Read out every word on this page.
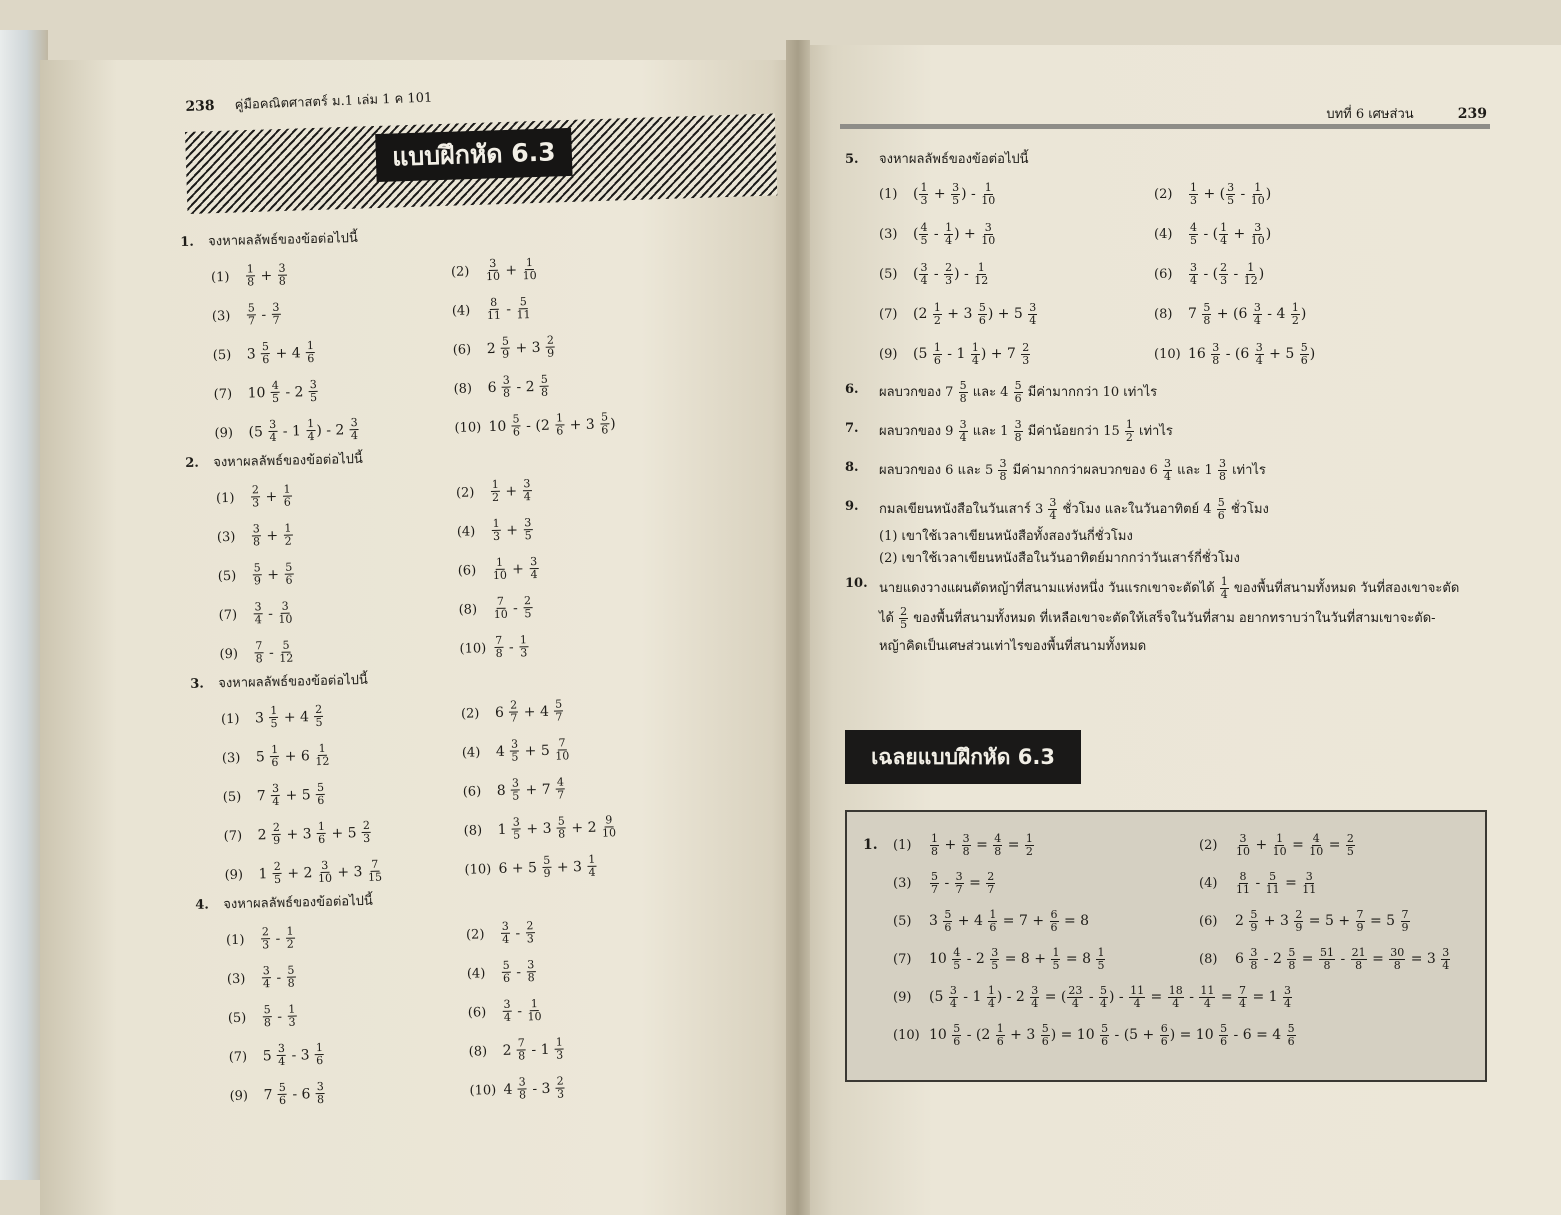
238 คู่มือคณิตศาสตร์ ม.1 เล่ม 1 ค 101
บทที่ 6 เศษส่วน	239
แบบฝึกหัด 6.3
1. จงหาผลลัพธ์ของข้อต่อไปนี้
$(1) \frac{1}{8} + \frac{3}{8}$	$(2) \frac{3}{10} + \frac{1}{10}$
$(3) \frac{5}{7} - \frac{3}{7}$	$(4) \frac{8}{11} - \frac{5}{11}$
(5) $3 \frac{5}{6} + 4 \frac{1}{6}$	(6) $2 \frac{5}{9} + 3 \frac{2}{9}$
(7) $10 \frac{4}{5} - 2 \frac{3}{5}$	(8) $6 \frac{3}{8} - 2 \frac{5}{8}$
(9) ($5 \frac{3}{4} - 1 \frac{1}{4}$ ) - $2 \frac{3}{4}$	(10) $10 \frac{5}{6} - (2 \frac{1}{6} + 3 \frac{5}{6}$ )
2. จงหาผลลัพธ์ของข้อต่อไปนี้
$(1) \frac{2}{3} + \frac{1}{6}$	$(2) \frac{1}{2} + \frac{3}{4}$
$(3) \frac{3}{8} + \frac{1}{2}$	$(4) \frac{1}{3} + \frac{3}{5}$
$(5) \frac{5}{9} + \frac{5}{6}$	$(6) \frac{1}{10} + \frac{3}{4}$
$(7) \frac{3}{4} - \frac{3}{10}$	$(8) \frac{7}{10} - \frac{2}{5}$
$(9) \frac{7}{8} - \frac{5}{12}$	$(10) \frac{7}{8} - \frac{1}{3}$
3. จงหาผลลัพธ์ของข้อต่อไปนี้
(1) $3 \frac{1}{5} + 4 \frac{2}{5}$	(2) $6 \frac{2}{7} + 4 \frac{5}{7}$
(3) $5 \frac{1}{6} + 6 \frac{1}{12}$	(4) $4 \frac{3}{5} + 5 \frac{7}{10}$
(5) $7 \frac{3}{4} + 5 \frac{5}{6}$	(6) $8 \frac{3}{5} + 7 \frac{4}{7}$
(7) $2 \frac{2}{9} + 3 \frac{1}{6} + 5 \frac{2}{3}$	(8) $1 \frac{3}{5} + 3 \frac{5}{8} + 2 \frac{9}{10}$
(9) $1 \frac{2}{5} + 2 \frac{3}{10} + 3 \frac{7}{15}$	(10) $6 + 5 \frac{5}{9} + 3 \frac{1}{4}$
4. จงหาผลลัพธ์ของข้อต่อไปนี้
$(1) \frac{2}{3} - \frac{1}{2}$	$(2) \frac{3}{4} - \frac{2}{3}$
$(3) \frac{3}{4} - \frac{5}{8}$	$(4) \frac{5}{6} - \frac{3}{8}$
$(5) \frac{5}{8} - \frac{1}{3}$	$(6) \frac{3}{4} - \frac{1}{10}$
(7) $5 \frac{3}{4} - 3 \frac{1}{6}$	(8) $2 \frac{7}{8} - 1 \frac{1}{3}$
(9) $7 \frac{5}{6} - 6 \frac{3}{8}$	(10) $4 \frac{3}{8} - 3 \frac{2}{3}$
5.	จงหาผลลัพธ์ของข้อต่อไปนี้
(1) ( $\frac{1}{3} + \frac{3}{5}$ ) - $\frac{1}{10}$	$(2) \frac{1}{3}$ + ( $\frac{3}{5} - \frac{1}{10}$ )
(3) ( $\frac{4}{5} - \frac{1}{4}$ ) + $\frac{3}{10}$	$(4) \frac{4}{5}$ - ( $\frac{1}{4} + \frac{3}{10}$ )
(5) ( $\frac{3}{4} - \frac{2}{3}$ ) - $\frac{1}{12}$	$(6) \frac{3}{4}$ - ( $\frac{2}{3} - \frac{1}{12}$ )
(7) ($2 \frac{1}{2} + 3 \frac{5}{6}$ ) + $5 \frac{3}{4}$	(8) $7 \frac{5}{8} + (6 \frac{3}{4} - 4 \frac{1}{2}$ )
(9) ($5 \frac{1}{6} - 1 \frac{1}{4}$ ) + $7 \frac{2}{3}$	(10) $16 \frac{3}{8} - (6 \frac{3}{4} + 5 \frac{5}{6}$ )
6.	ผลบวกของ $7 \frac{5}{8}$ และ $4 \frac{5}{6}$ มีค่ามากกว่า 10 เท่าไร
7.	ผลบวกของ $9 \frac{3}{4}$ และ $1 \frac{3}{8}$ มีค่าน้อยกว่า $15 \frac{1}{2}$ เท่าไร
8.	ผลบวกของ 6 และ $5 \frac{3}{8}$ มีค่ามากกว่าผลบวกของ $6 \frac{3}{4}$ และ $1 \frac{3}{8}$ เท่าไร
9.	กมลเขียนหนังสือในวันเสาร์ $3 \frac{3}{4}$ ชั่วโมง และในวันอาทิตย์ $4 \frac{5}{6}$ ชั่วโมง
(1) เขาใช้เวลาเขียนหนังสือทั้งสองวันกี่ชั่วโมง
(2) เขาใช้เวลาเขียนหนังสือในวันอาทิตย์มากกว่าวันเสาร์กี่ชั่วโมง
10. นายแดงวางแผนตัดหญ้าที่สนามแห่งหนึ่ง วันแรกเขาจะตัดได้ $\frac{1}{4}$ ของพื้นที่สนามทั้งหมด วันที่สองเขาจะตัด
ได้ $\frac{2}{5}$ ของพื้นที่สนามทั้งหมด ที่เหลือเขาจะตัดให้เสร็จในวันที่สาม อยากทราบว่าในวันที่สามเขาจะตัด-
หญ้าคิดเป็นเศษส่วนเท่าไรของพื้นที่สนามทั้งหมด
เฉลยแบบฝึกหัด 6.3
1.	$(1) \frac{1}{8} + \frac{3}{8} = \frac{4}{8} = \frac{1}{2}$	$(2) \frac{3}{10} + \frac{1}{10} = \frac{4}{10} = \frac{2}{5}$
$(3) \frac{5}{7} - \frac{3}{7} = \frac{2}{7}$	$(4) \frac{8}{11} - \frac{5}{11} = \frac{3}{11}$
(5) $3 \frac{5}{6} + 4 \frac{1}{6} = 7 + \frac{6}{6} = 8$	(6) $2 \frac{5}{9} + 3 \frac{2}{9} = 5 + \frac{7}{9} = 5 \frac{7}{9}$
(7) $10 \frac{4}{5} - 2 \frac{3}{5} = 8 + \frac{1}{5} = 8 \frac{1}{5}$	(8) $6 \frac{3}{8} - 2 \frac{5}{8} = \frac{51}{8} - \frac{21}{8} = \frac{30}{8} = 3 \frac{3}{4}$
(9) ($5 \frac{3}{4} - 1 \frac{1}{4}$ ) - $2 \frac{3}{4}$ = ( $\frac{23}{4} - \frac{5}{4}$ ) - $\frac{11}{4} = \frac{18}{4} - \frac{11}{4} = \frac{7}{4} = 1 \frac{3}{4}$
(10) $10 \frac{5}{6} - (2 \frac{1}{6} + 3 \frac{5}{6}$ ) = $10 \frac{5}{6} - (5 + \frac{6}{6}$ ) = $10 \frac{5}{6} - 6 = 4 \frac{5}{6}$
